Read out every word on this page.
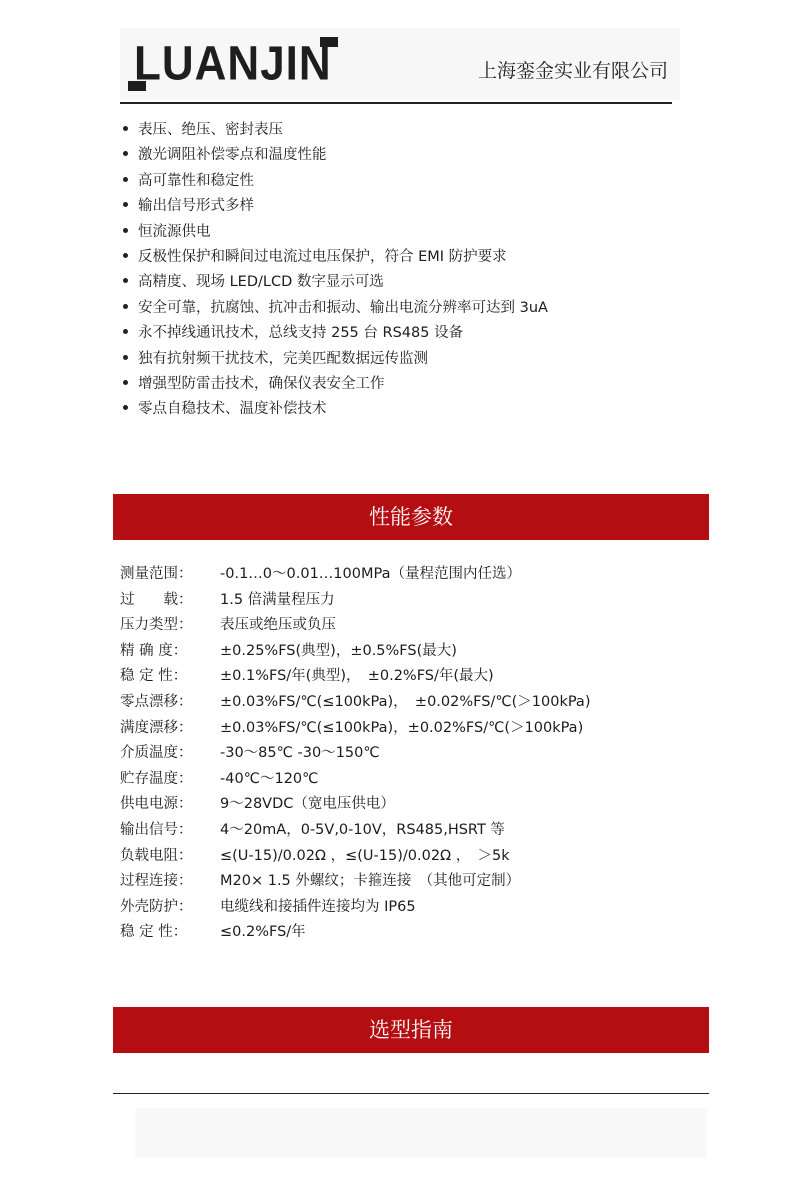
LUANJIN	上海銮金实业有限公司
表压、绝压、密封表压
激光调阻补偿零点和温度性能
高可靠性和稳定性
输出信号形式多样
恒流源供电
反极性保护和瞬间过电流过电压保护，符合 EMI 防护要求
高精度、现场 LED/LCD 数字显示可选
安全可靠，抗腐蚀、抗冲击和振动、输出电流分辨率可达到 3uA
永不掉线通讯技术，总线支持 255 台 RS485 设备
独有抗射频干扰技术，完美匹配数据远传监测
增强型防雷击技术，确保仪表安全工作
零点自稳技术、温度补偿技术
性能参数
测量范围：	-0.1…0～0.01…100MPa（量程范围内任选）
过　　载：	1.5 倍满量程压力
压力类型：	表压或绝压或负压
精 确 度：	±0.25%FS(典型)，±0.5%FS(最大)
稳 定 性：	±0.1%FS/年(典型)，　±0.2%FS/年(最大)
零点漂移：	±0.03%FS/℃(≤100kPa)，　±0.02%FS/℃(＞100kPa)
满度漂移：	±0.03%FS/℃(≤100kPa)，±0.02%FS/℃(＞100kPa)
介质温度：	-30～85℃ -30～150℃
贮存温度：	-40℃～120℃
供电电源：	9～28VDC（宽电压供电）
输出信号：	4～20mA，0-5V,0-10V，RS485,HSRT 等
负载电阻：	≤(U-15)/0.02Ω ，≤(U-15)/0.02Ω ，　＞5k
过程连接：	M20× 1.5 外螺纹；卡箍连接　（其他可定制）
外壳防护：	电缆线和接插件连接均为 IP65
稳 定 性：	≤0.2%FS/年
选型指南
